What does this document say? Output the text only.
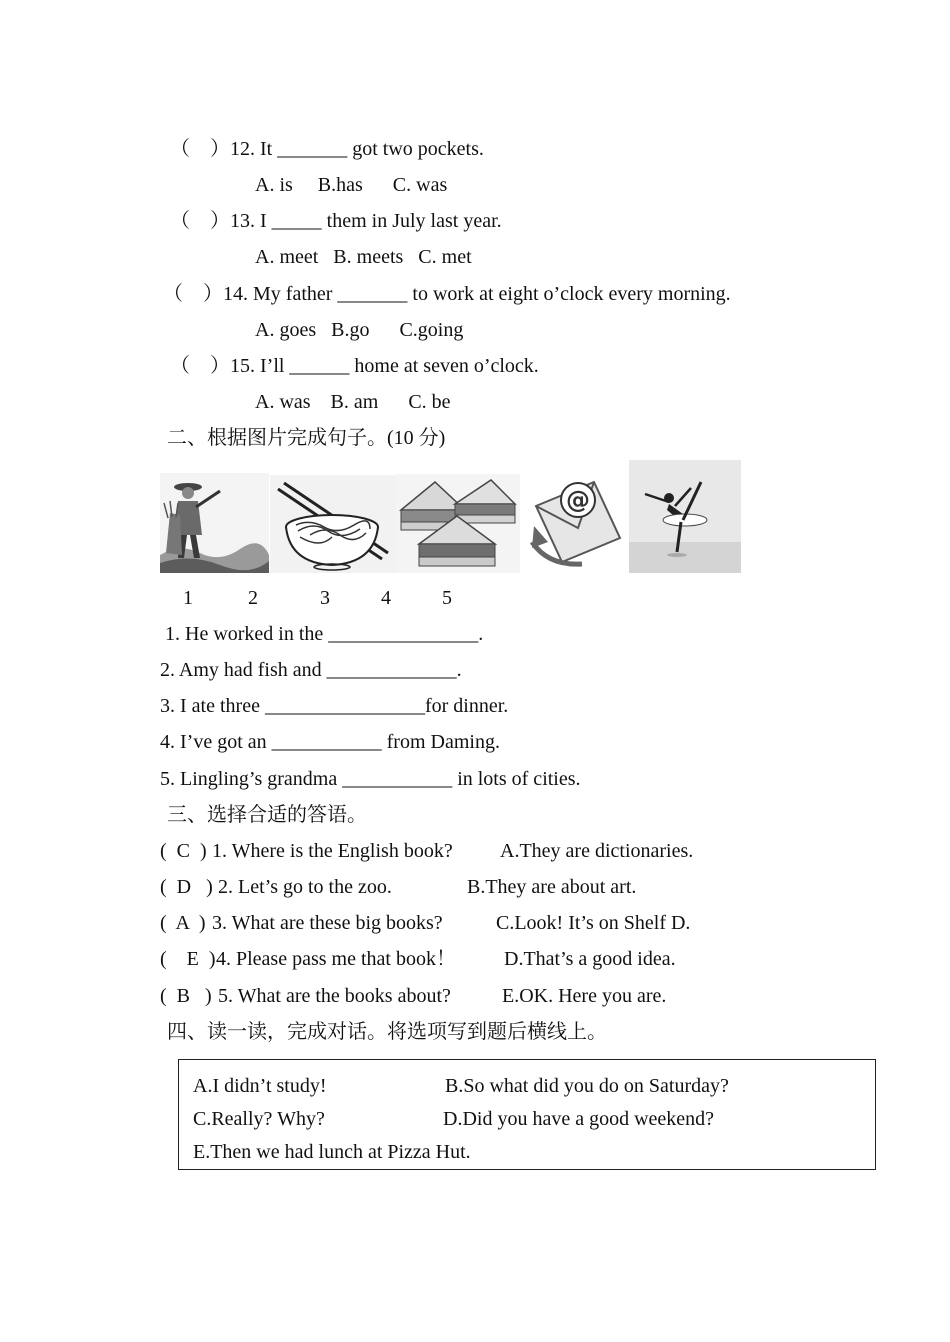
（    ）12. It _______ got two pockets.
A. is     B.has      C. was
（    ）13. I _____ them in July last year.
A. meet   B. meets   C. met
（    ）14. My father _______ to work at eight o’clock every morning.
A. goes   B.go      C.going
（    ）15. I’ll ______ home at seven o’clock.
A. was    B. am      C. be
二、根据图片完成句子。(10 分)
@
1	2	3	4	5
1. He worked in the _______________.
2. Amy had fish and _____________.
3. I ate three ________________for dinner.
4. I’ve got an ___________ from Daming.
5. Lingling’s grandma ___________ in lots of cities.
三、选择合适的答语。
(  C  ) 1. Where is the English book? A.They are dictionaries.
(  D   ) 2. Let’s go to the zoo.	B.They are about art.
(  A  ) 3. What are these big books?	C.Look! It’s on Shelf D.
(    E  ) 4. Please pass me that book！ D.That’s a good idea.
(  B   ) 5. What are the books about?	E.OK. Here you are.
四、读一读，完成对话。将选项写到题后横线上。
A.I didn’t study!	B.So what did you do on Saturday?
C.Really? Why?	D.Did you have a good weekend?
E.Then we had lunch at Pizza Hut.
